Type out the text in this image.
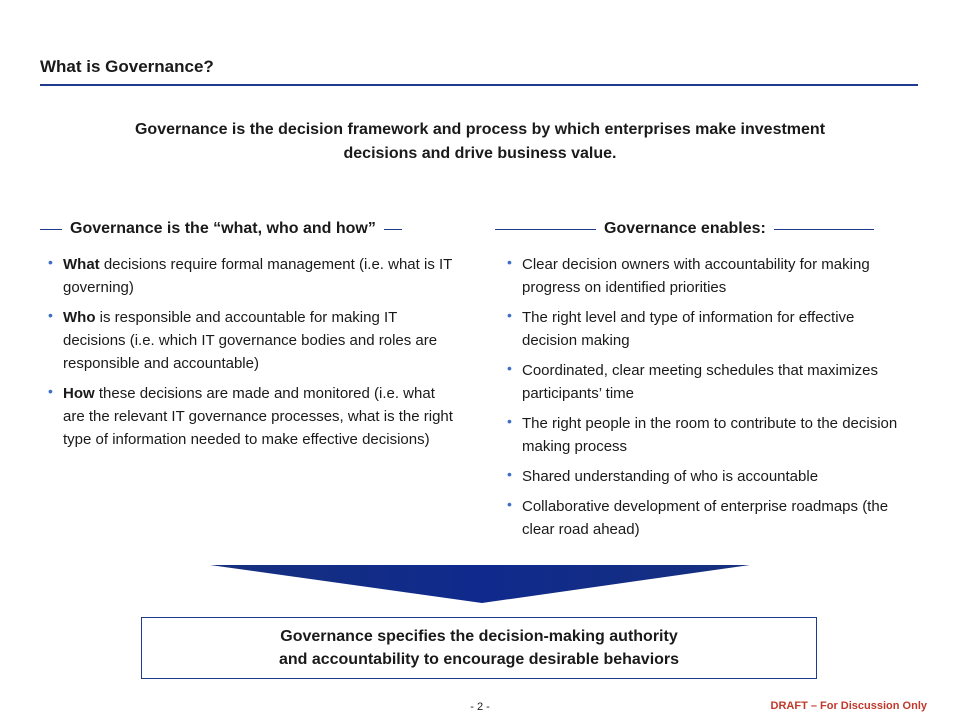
What is Governance?
Governance is the decision framework and process by which enterprises make investment
decisions and drive business value.
Governance is the “what, who and how”	Governance enables:
• What decisions require formal management (i.e. what is IT governing)
• Who is responsible and accountable for making IT decisions (i.e. which IT governance bodies and roles are responsible and accountable)
• How these decisions are made and monitored (i.e. what are the relevant IT governance processes, what is the right type of information needed to make effective decisions)
• Clear decision owners with accountability for making progress on identified priorities
• The right level and type of information for effective decision making
• Coordinated, clear meeting schedules that maximizes participants’ time
• The right people in the room to contribute to the decision making process
• Shared understanding of who is accountable
• Collaborative development of enterprise roadmaps (the clear road ahead)
Governance specifies the decision-making authority
and accountability to encourage desirable behaviors
- 2 -	DRAFT – For Discussion Only
